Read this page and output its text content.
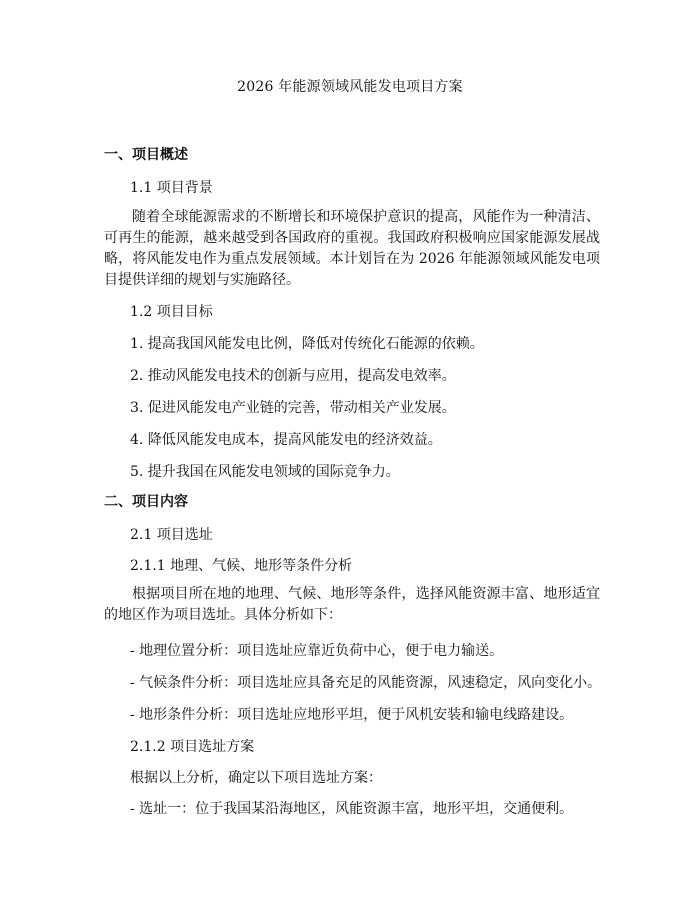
2026 年能源领域风能发电项目方案
一、项目概述
1.1 项目背景
随着全球能源需求的不断增长和环境保护意识的提高，风能作为一种清洁、可再生的能源，越来越受到各国政府的重视。我国政府积极响应国家能源发展战略，将风能发电作为重点发展领域。本计划旨在为 2026 年能源领域风能发电项目提供详细的规划与实施路径。
1.2 项目目标
1. 提高我国风能发电比例，降低对传统化石能源的依赖。
2. 推动风能发电技术的创新与应用，提高发电效率。
3. 促进风能发电产业链的完善，带动相关产业发展。
4. 降低风能发电成本，提高风能发电的经济效益。
5. 提升我国在风能发电领域的国际竞争力。
二、项目内容
2.1 项目选址
2.1.1 地理、气候、地形等条件分析
根据项目所在地的地理、气候、地形等条件，选择风能资源丰富、地形适宜的地区作为项目选址。具体分析如下：
- 地理位置分析：项目选址应靠近负荷中心，便于电力输送。
- 气候条件分析：项目选址应具备充足的风能资源，风速稳定，风向变化小。
- 地形条件分析：项目选址应地形平坦，便于风机安装和输电线路建设。
2.1.2 项目选址方案
根据以上分析，确定以下项目选址方案：
- 选址一：位于我国某沿海地区，风能资源丰富，地形平坦，交通便利。
